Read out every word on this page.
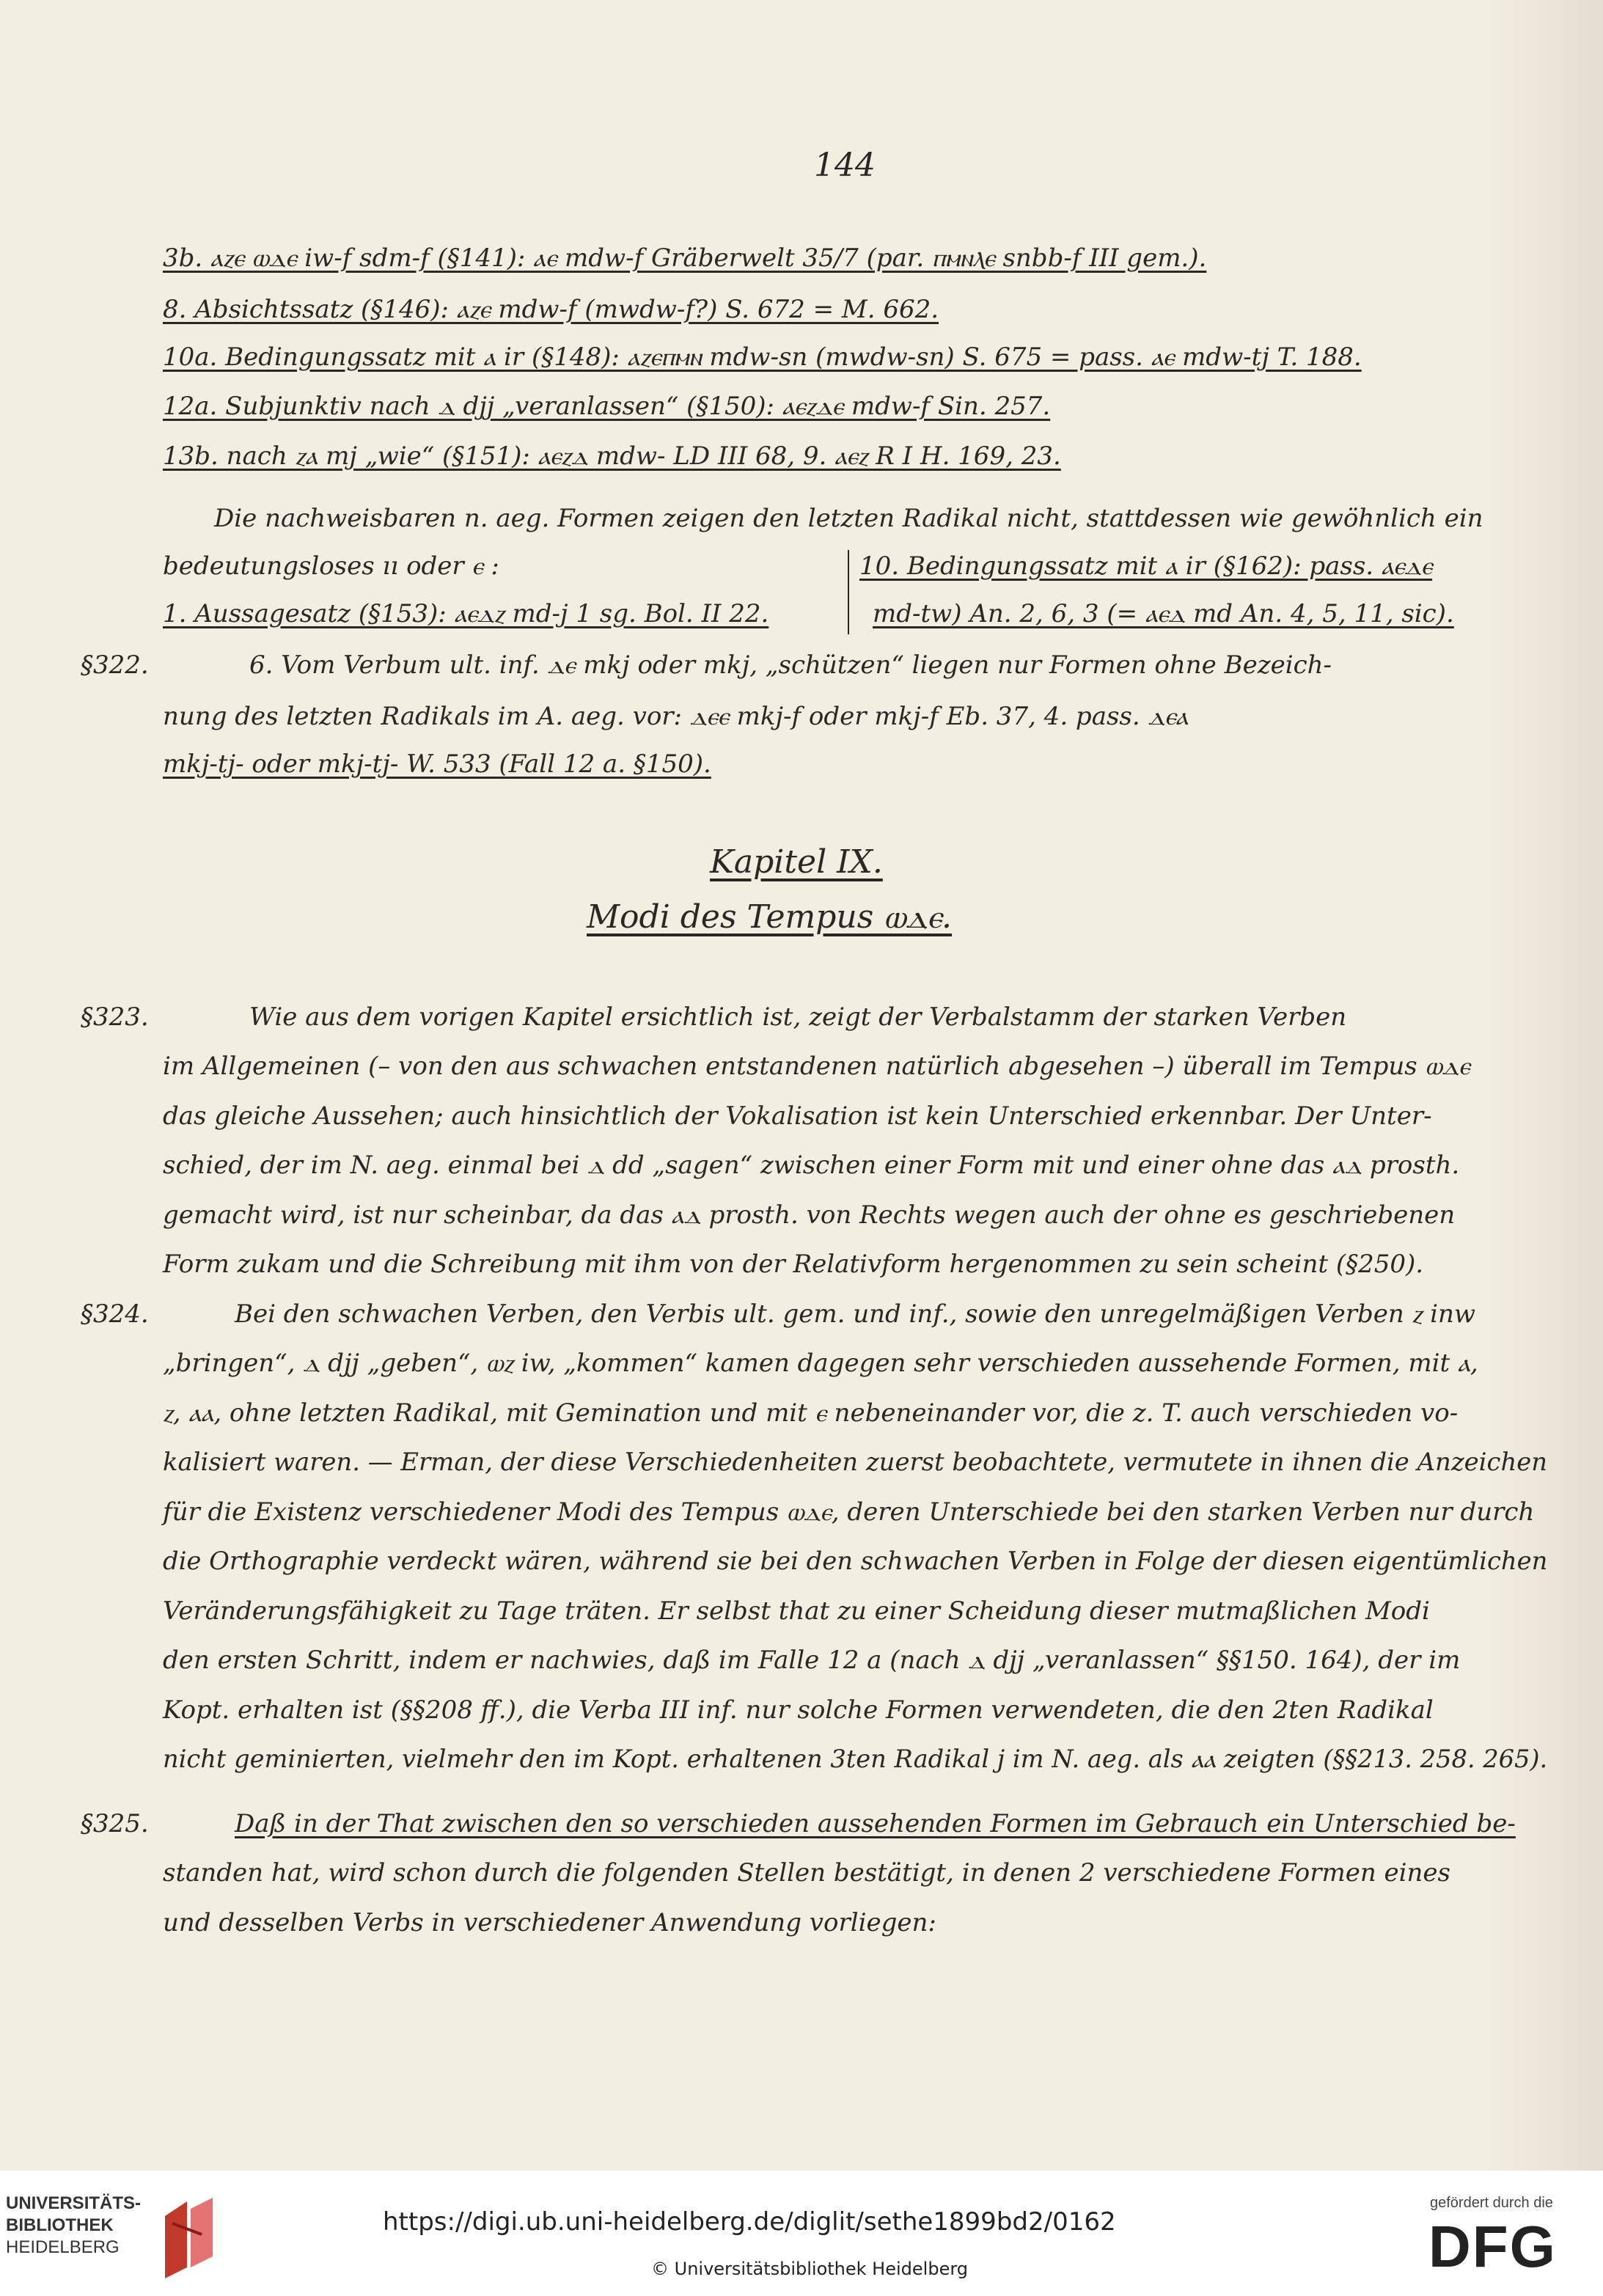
144
3b. ⲁⲍⲉ ⲱⲇⲉ iw-f sdm-f (§141): ⲁ⁠ⲉ mdw-f Gräberwelt 35/7 (par. ⲡⲙⲛⲗⲉ snbb-f III gem.).
8. Absichtssatz (§146): ⲁⲍⲉ mdw-f (mwdw-f?) S. 672 = M. 662.
10a. Bedingungssatz mit ⲁ ir (§148): ⲁⲍⲉⲡⲙⲛ mdw-sn (mwdw-sn) S. 675 = pass. ⲁⲉ mdw-tj T. 188.
12a. Subjunktiv nach ⲇ djj „veranlassen“ (§150): ⲁⲉⲍⲇⲉ mdw-f Sin. 257.
13b. nach ⲍⲁ mj „wie“ (§151): ⲁⲉⲍⲇ mdw- LD III 68, 9. ⲁⲉⲍ R I H. 169, 23.
Die nachweisbaren n. aeg. Formen zeigen den letzten Radikal nicht, stattdessen wie gewöhnlich ein
bedeutungsloses ıı oder ⲉ :
1. Aussagesatz (§153): ⲁⲉⲇⲍ md-j 1 sg. Bol. II 22.
10. Bedingungssatz mit ⲁ ir (§162): pass. ⲁⲉⲇⲉ
md-tw) An. 2, 6, 3 (= ⲁⲉⲇ md An. 4, 5, 11, sic).
§322.	6. Vom Verbum ult. inf. ⲇⲉ mkj oder mkj, „schützen“ liegen nur Formen ohne Bezeich-
nung des letzten Radikals im A. aeg. vor: ⲇⲉⲉ mkj-f oder mkj-f Eb. 37, 4. pass. ⲇⲉⲁ
mkj-tj- oder mkj-tj- W. 533 (Fall 12 a. §150).
Kapitel IX.
Modi des Tempus ⲱⲇⲉ.
§323.	Wie aus dem vorigen Kapitel ersichtlich ist, zeigt der Verbalstamm der starken Verben
im Allgemeinen (– von den aus schwachen entstandenen natürlich abgesehen –) überall im Tempus ⲱⲇⲉ
das gleiche Aussehen; auch hinsichtlich der Vokalisation ist kein Unterschied erkennbar. Der Unter-
schied, der im N. aeg. einmal bei ⲇ dd „sagen“ zwischen einer Form mit und einer ohne das ⲁⲇ prosth.
gemacht wird, ist nur scheinbar, da das ⲁⲇ prosth. von Rechts wegen auch der ohne es geschriebenen
Form zukam und die Schreibung mit ihm von der Relativform hergenommen zu sein scheint (§250).
§324.	Bei den schwachen Verben, den Verbis ult. gem. und inf., sowie den unregelmäßigen Verben ⲍ inw
„bringen“, ⲇ djj „geben“, ⲱⲍ iw, „kommen“ kamen dagegen sehr verschieden aussehende Formen, mit ⲁ,
ⲍ, ⲁⲁ, ohne letzten Radikal, mit Gemination und mit ⲉ nebeneinander vor, die z. T. auch verschieden vo-
kalisiert waren. — Erman, der diese Verschiedenheiten zuerst beobachtete, vermutete in ihnen die Anzeichen
für die Existenz verschiedener Modi des Tempus ⲱⲇⲉ, deren Unterschiede bei den starken Verben nur durch
die Orthographie verdeckt wären, während sie bei den schwachen Verben in Folge der diesen eigentümlichen
Veränderungsfähigkeit zu Tage träten. Er selbst that zu einer Scheidung dieser mutmaßlichen Modi
den ersten Schritt, indem er nachwies, daß im Falle 12 a (nach ⲇ djj „veranlassen“ §§150. 164), der im
Kopt. erhalten ist (§§208 ff.), die Verba III inf. nur solche Formen verwendeten, die den 2ten Radikal
nicht geminierten, vielmehr den im Kopt. erhaltenen 3ten Radikal j im N. aeg. als ⲁⲁ zeigten (§§213. 258. 265).
§325.	Daß in der That zwischen den so verschieden aussehenden Formen im Gebrauch ein Unterschied be-
standen hat, wird schon durch die folgenden Stellen bestätigt, in denen 2 verschiedene Formen eines
und desselben Verbs in verschiedener Anwendung vorliegen:
UNIVERSITÄTS-
BIBLIOTHEK
HEIDELBERG
https://digi.ub.uni-heidelberg.de/diglit/sethe1899bd2/0162
© Universitätsbibliothek Heidelberg
gefördert durch die
DFG
